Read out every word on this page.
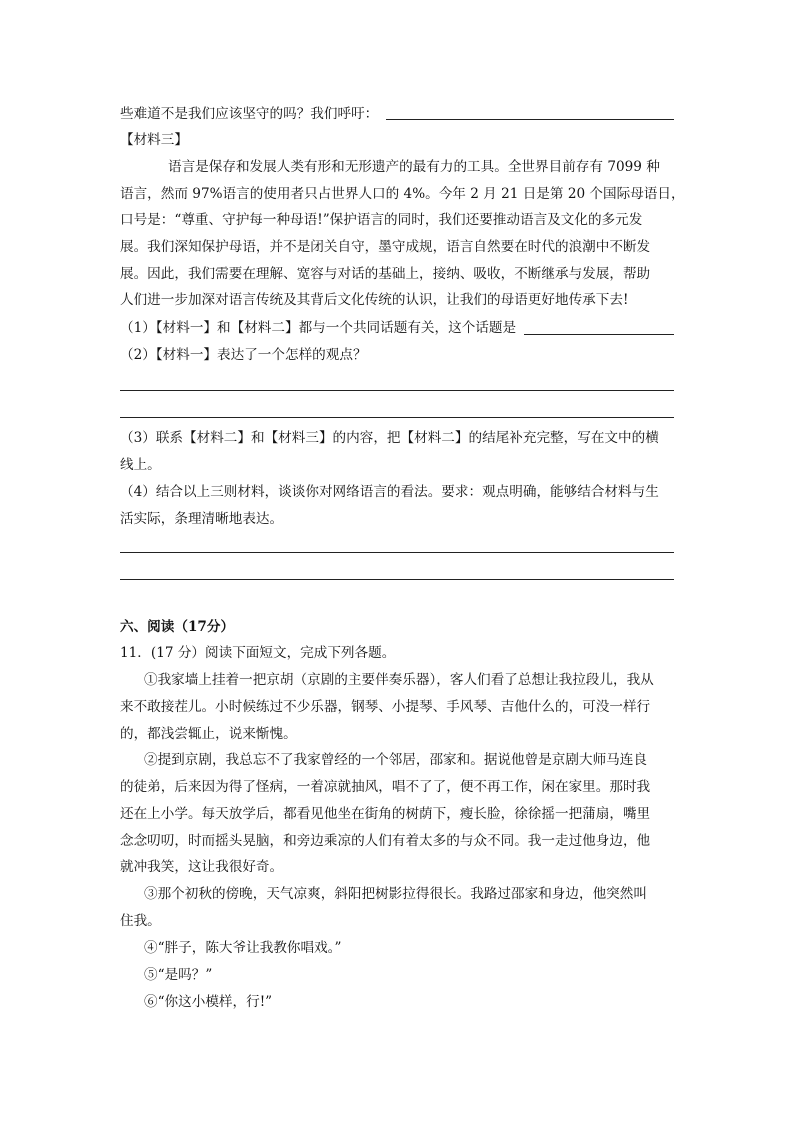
些难道不是我们应该坚守的吗？我们呼吁：
【材料三】
语言是保存和发展人类有形和无形遗产的最有力的工具。全世界目前存有 7099 种
语言，然而 97%语言的使用者只占世界人口的 4%。今年 2 月 21 日是第 20 个国际母语日，
口号是：“尊重、守护每一种母语!”保护语言的同时，我们还要推动语言及文化的多元发
展。我们深知保护母语，并不是闭关自守，墨守成规，语言自然要在时代的浪潮中不断发
展。因此，我们需要在理解、宽容与对话的基础上，接纳、吸收，不断继承与发展，帮助
人们进一步加深对语言传统及其背后文化传统的认识，让我们的母语更好地传承下去!
（1）【材料一】和【材料二】都与一个共同话题有关，这个话题是
（2）【材料一】表达了一个怎样的观点？
（3）联系【材料二】和【材料三】的内容，把【材料二】的结尾补充完整，写在文中的横
线上。
（4）结合以上三则材料，谈谈你对网络语言的看法。要求：观点明确，能够结合材料与生
活实际，条理清晰地表达。
六、阅读（17分）
11．(17 分）阅读下面短文，完成下列各题。
①我家墙上挂着一把京胡（京剧的主要伴奏乐器），客人们看了总想让我拉段儿，我从
来不敢接茬儿。小时候练过不少乐器，钢琴、小提琴、手风琴、吉他什么的，可没一样行
的，都浅尝辄止，说来惭愧。
②提到京剧，我总忘不了我家曾经的一个邻居，邵家和。据说他曾是京剧大师马连良
的徒弟，后来因为得了怪病，一着凉就抽风，唱不了了，便不再工作，闲在家里。那时我
还在上小学。每天放学后，都看见他坐在街角的树荫下，瘦长脸，徐徐摇一把蒲扇，嘴里
念念叨叨，时而摇头晃脑，和旁边乘凉的人们有着太多的与众不同。我一走过他身边，他
就冲我笑，这让我很好奇。
③那个初秋的傍晚，天气凉爽，斜阳把树影拉得很长。我路过邵家和身边，他突然叫
住我。
④“胖子，陈大爷让我教你唱戏。”
⑤“是吗？”
⑥“你这小模样，行!”
